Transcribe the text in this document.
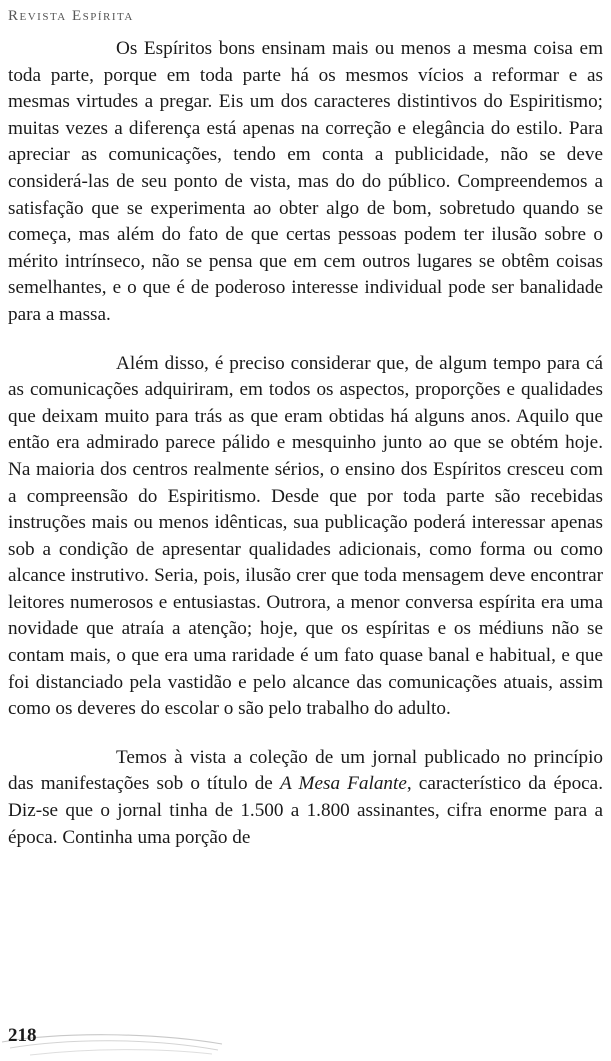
Revista Espírita

Os Espíritos bons ensinam mais ou menos a mesma coisa em toda parte, porque em toda parte há os mesmos vícios a reformar e as mesmas virtudes a pregar. Eis um dos caracteres distintivos do Espiritismo; muitas vezes a diferença está apenas na correção e elegância do estilo. Para apreciar as comunicações, tendo em conta a publicidade, não se deve considerá-las de seu ponto de vista, mas do do público. Compreendemos a satisfação que se experimenta ao obter algo de bom, sobretudo quando se começa, mas além do fato de que certas pessoas podem ter ilusão sobre o mérito intrínseco, não se pensa que em cem outros lugares se obtêm coisas semelhantes, e o que é de poderoso interesse individual pode ser banalidade para a massa.

Além disso, é preciso considerar que, de algum tempo para cá as comunicações adquiriram, em todos os aspectos, proporções e qualidades que deixam muito para trás as que eram obtidas há alguns anos. Aquilo que então era admirado parece pálido e mesquinho junto ao que se obtém hoje. Na maioria dos centros realmente sérios, o ensino dos Espíritos cresceu com a compreensão do Espiritismo. Desde que por toda parte são recebidas instruções mais ou menos idênticas, sua publicação poderá interessar apenas sob a condição de apresentar qualidades adicionais, como forma ou como alcance instrutivo. Seria, pois, ilusão crer que toda mensagem deve encontrar leitores numerosos e entusiastas. Outrora, a menor conversa espírita era uma novidade que atraía a atenção; hoje, que os espíritas e os médiuns não se contam mais, o que era uma raridade é um fato quase banal e habitual, e que foi distanciado pela vastidão e pelo alcance das comunicações atuais, assim como os deveres do escolar o são pelo trabalho do adulto.

Temos à vista a coleção de um jornal publicado no princípio das manifestações sob o título de A Mesa Falante, característico da época. Diz-se que o jornal tinha de 1.500 a 1.800 assinantes, cifra enorme para a época. Continha uma porção de

218
